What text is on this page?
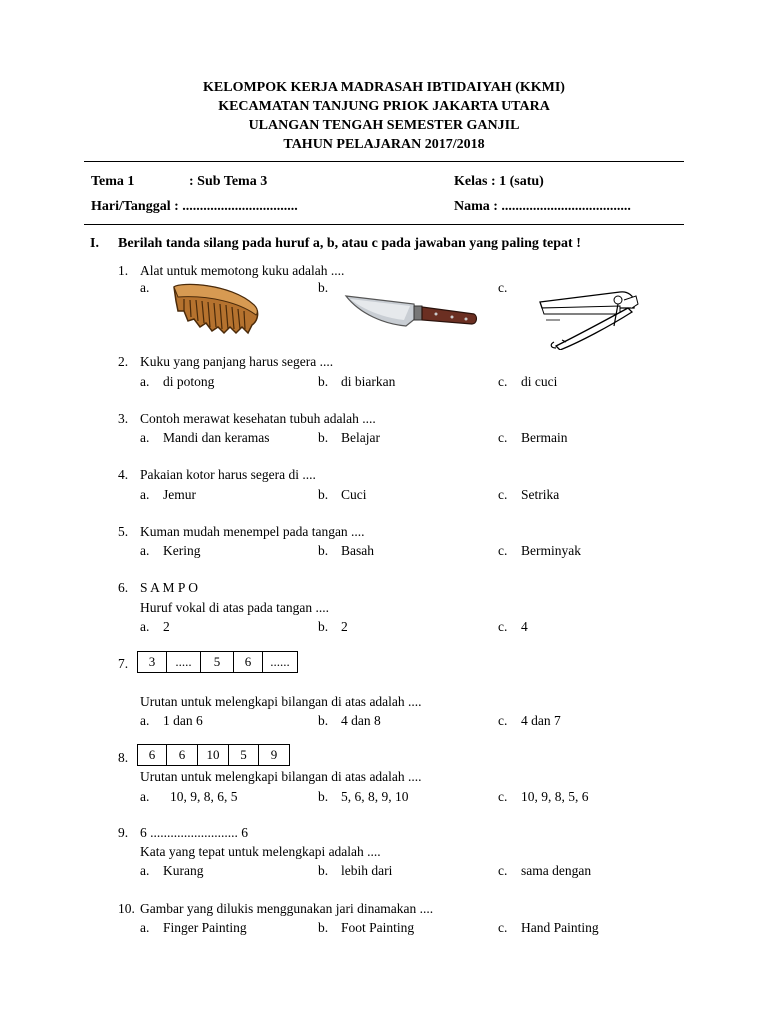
KELOMPOK KERJA MADRASAH IBTIDAIYAH (KKMI)
KECAMATAN TANJUNG PRIOK JAKARTA UTARA
ULANGAN TENGAH SEMESTER GANJIL
TAHUN PELAJARAN 2017/2018
Tema 1	: Sub Tema 3	Kelas : 1 (satu)
Hari/Tanggal : .................................	Nama : .....................................
I. Berilah tanda silang pada huruf a, b, atau c pada jawaban yang paling tepat !
1. Alat untuk memotong kuku adalah ....
a.	b.	c.
2. Kuku yang panjang harus segera ....
a. di potong	b. di biarkan	c. di cuci
3. Contoh merawat kesehatan tubuh adalah ....
a. Mandi dan keramas	b. Belajar	c. Bermain
4. Pakaian kotor harus segera di ....
a. Jemur	b. Cuci	c. Setrika
5. Kuman mudah menempel pada tangan ....
a. Kering	b. Basah	c. Berminyak
6. S A M P O
Huruf vokal di atas pada tangan ....
a. 2	b. 2	c. 4
7.	3	.....	5	6	......
Urutan untuk melengkapi bilangan di atas adalah ....
a. 1 dan 6	b. 4 dan 8	c. 4 dan 7
8.	6	6	10	5	9
Urutan untuk melengkapi bilangan di atas adalah ....
a. 10, 9, 8, 6, 5	b. 5, 6, 8, 9, 10	c. 10, 9, 8, 5, 6
9. 6 .......................... 6
Kata yang tepat untuk melengkapi adalah ....
a. Kurang	b. lebih dari	c. sama dengan
10. Gambar yang dilukis menggunakan jari dinamakan ....
a. Finger Painting	b. Foot Painting	c. Hand Painting
